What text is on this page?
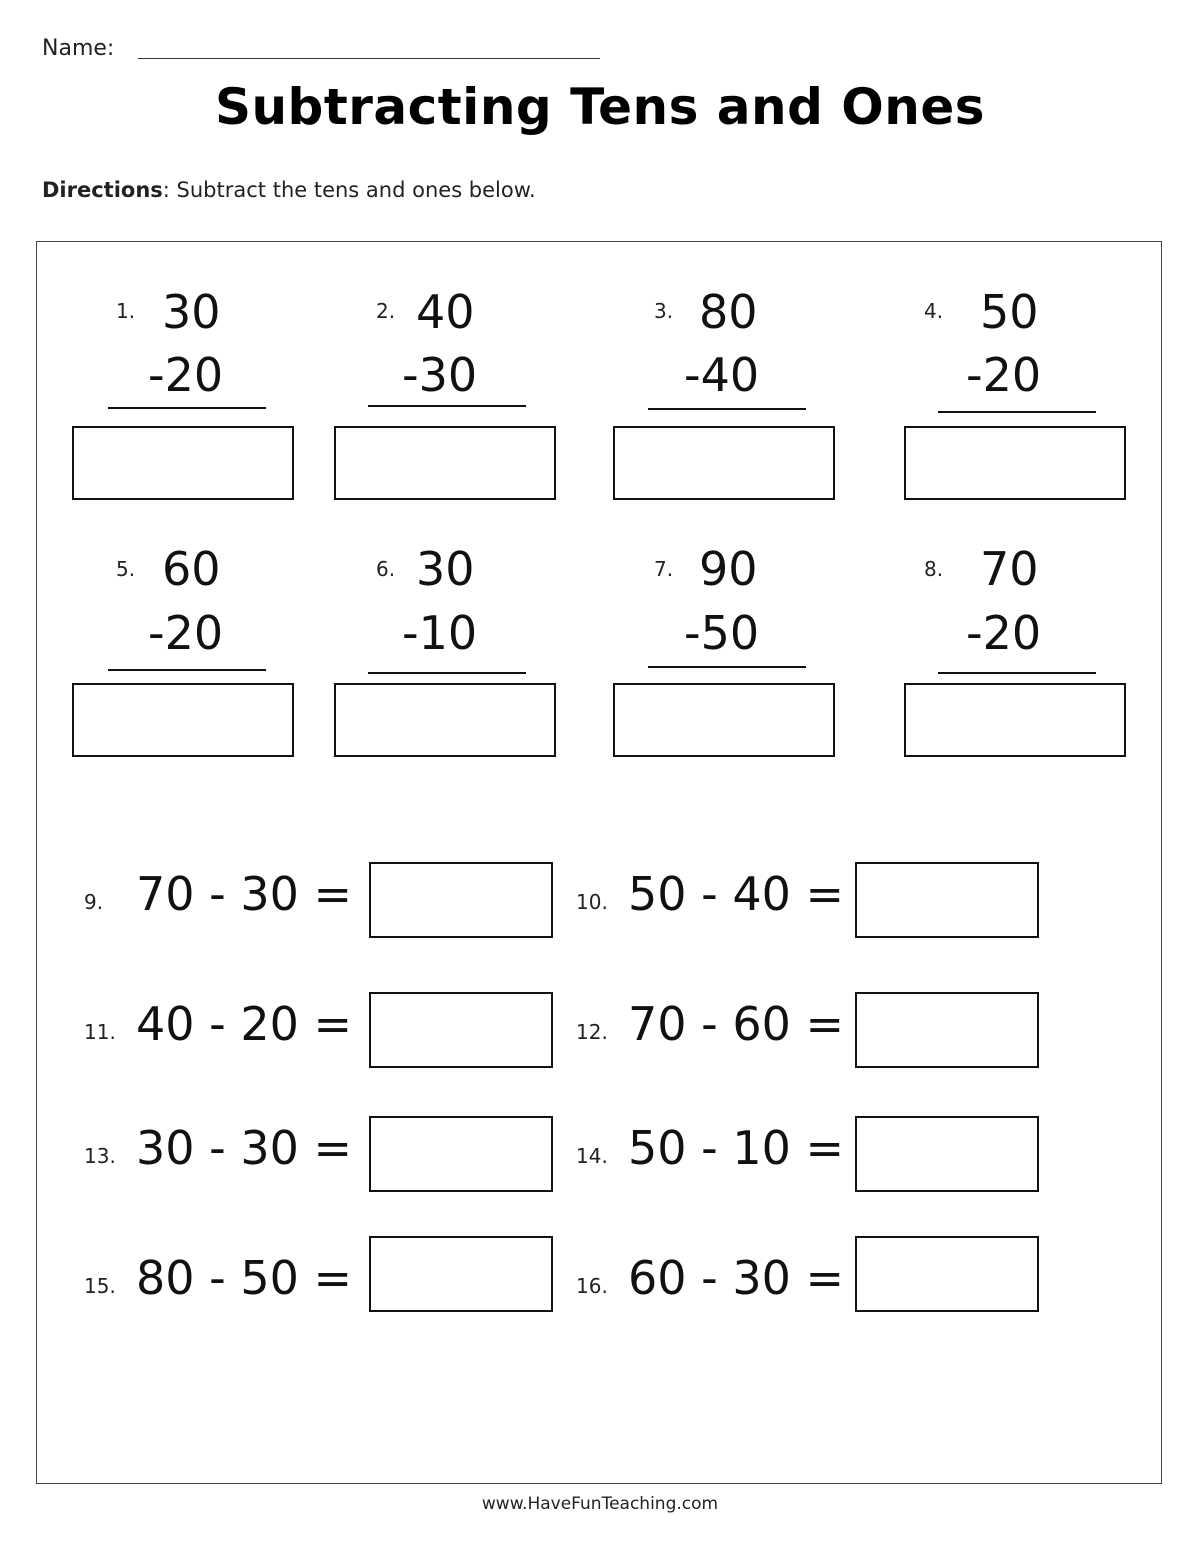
Name:
Subtracting Tens and Ones
Directions: Subtract the tens and ones below.
1. 30
-20
2. 40
-30
3. 80
-40
4. 50
-20
5. 60
-20
6. 30
-10
7. 90
-50
8. 70
-20
9. 70 - 30 =	10. 50 - 40 =
11. 40 - 20 =	12. 70 - 60 =
13. 30 - 30 =	14. 50 - 10 =
15. 80 - 50 =	16. 60 - 30 =
www.HaveFunTeaching.com
